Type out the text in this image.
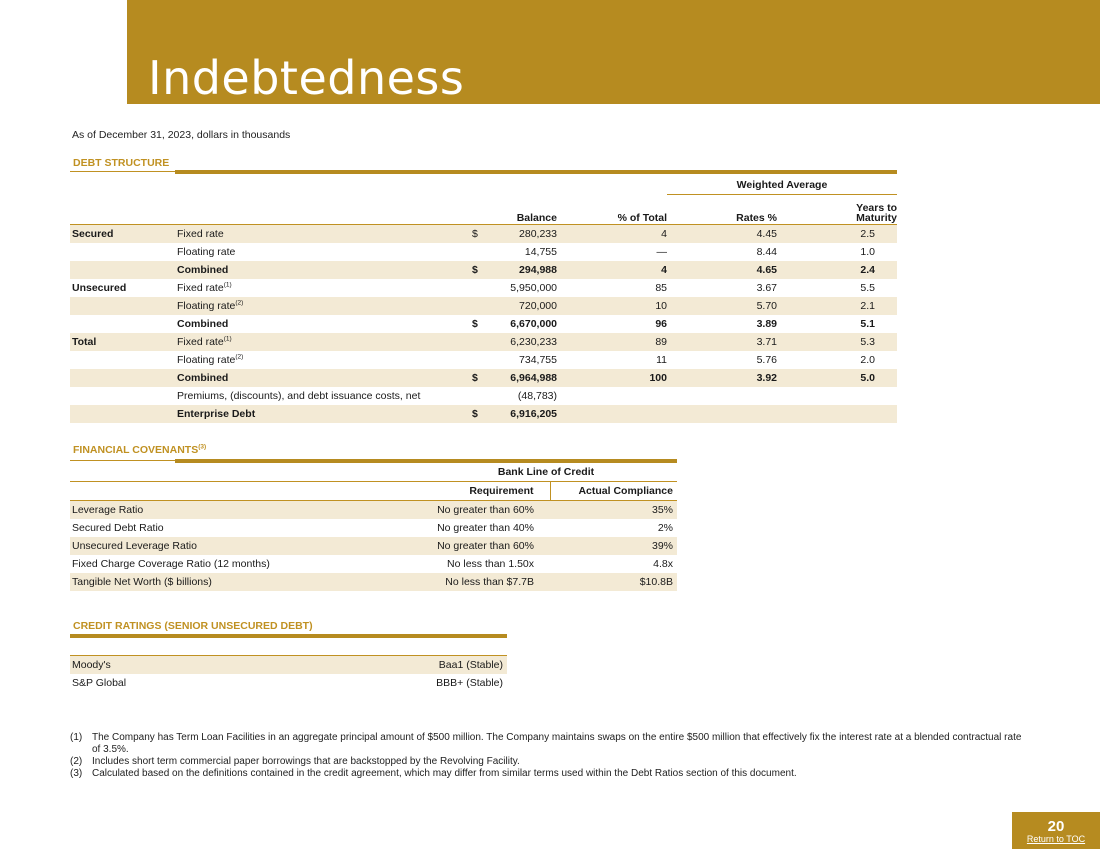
Indebtedness
As of December 31, 2023, dollars in thousands
DEBT STRUCTURE
					Weighted Average	
Balance				% of Total	Rates %	Years to
Maturity
Secured	Fixed rate	$	280,233	4	4.45	2.5
	Floating rate		14,755	—	8.44	1.0
	Combined	$	294,988	4	4.65	2.4
Unsecured	Fixed rate$^{(1)}$		5,950,000	85	3.67	5.5
	Floating rate$^{(2)}$		720,000	10	5.70	2.1
	Combined	$	6,670,000	96	3.89	5.1
Total	Fixed rate$^{(1)}$		6,230,233	89	3.71	5.3
	Floating rate$^{(2)}$		734,755	11	5.76	2.0
	Combined	$	6,964,988	100	3.92	5.0
	Premiums, (discounts), and debt issuance costs, net		(48,783)			
	Enterprise Debt	$	6,916,205			
FINANCIAL COVENANTS$^{(3)}$
	Bank Line of Credit	
	Requirement	Actual Compliance
Leverage Ratio	No greater than 60%	35%
Secured Debt Ratio	No greater than 40%	2%
Unsecured Leverage Ratio	No greater than 60%	39%
Fixed Charge Coverage Ratio (12 months)	No less than 1.50x	4.8x
Tangible Net Worth ($ billions)	No less than $7.7B	$10.8B
CREDIT RATINGS (SENIOR UNSECURED DEBT)
Moody's	Baa1 (Stable)
S&P Global	BBB+ (Stable)
(1) The Company has Term Loan Facilities in an aggregate principal amount of $500 million. The Company maintains swaps on the entire $500 million that effectively fix the interest rate at a blended contractual rate of 3.5%.
(2) Includes short term commercial paper borrowings that are backstopped by the Revolving Facility.
(3) Calculated based on the definitions contained in the credit agreement, which may differ from similar terms used within the Debt Ratios section of this document.
20
Return to TOC
